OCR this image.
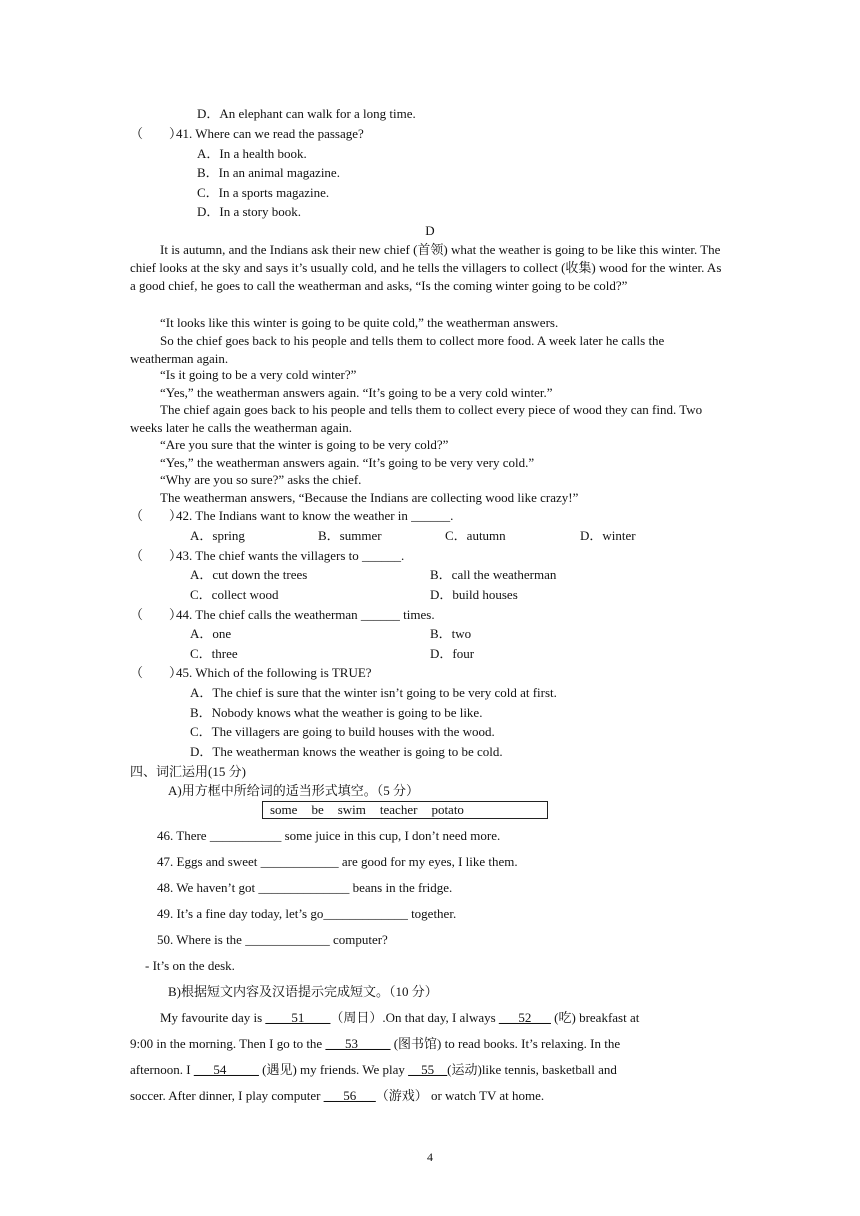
D．An elephant can walk for a long time.
（　　）41. Where can we read the passage?
A．In a health book.
B．In an animal magazine.
C．In a sports magazine.
D．In a story book.
D
It is autumn, and the Indians ask their new chief (首领) what the weather is going to be like this winter. The chief looks at the sky and says it’s usually cold, and he tells the villagers to collect (收集) wood for the winter. As a good chief, he goes to call the weatherman and asks, “Is the coming winter going to be cold?”
“It looks like this winter is going to be quite cold,” the weatherman answers.
So the chief goes back to his people and tells them to collect more food. A week later he calls the weatherman again.
“Is it going to be a very cold winter?”
“Yes,” the weatherman answers again. “It’s going to be a very cold winter.”
The chief again goes back to his people and tells them to collect every piece of wood they can find. Two weeks later he calls the weatherman again.
“Are you sure that the winter is going to be very cold?”
“Yes,” the weatherman answers again. “It’s going to be very very cold.”
“Why are you so sure?” asks the chief.
The weatherman answers, “Because the Indians are collecting wood like crazy!”
（　　）42. The Indians want to know the weather in ______.
A．spring	B．summer	C．autumn	D．winter
（　　）43. The chief wants the villagers to ______.
A．cut down the trees	B．call the weatherman
C．collect wood	D．build houses
（　　）44. The chief calls the weatherman ______ times.
A．one	B．two
C．three	D．four
（　　）45. Which of the following is TRUE?
A．The chief is sure that the winter isn’t going to be very cold at first.
B．Nobody knows what the weather is going to be like.
C．The villagers are going to build houses with the wood.
D．The weatherman knows the weather is going to be cold.
四、词汇运用(15 分)
A)用方框中所给词的适当形式填空。（5 分）
some be swim teacher potato
46. There ___________ some juice in this cup, I don’t need more.
47. Eggs and sweet ____________ are good for my eyes, I like them.
48. We haven’t got ______________ beans in the fridge.
49. It’s a fine day today, let’s go_____________ together.
50. Where is the _____________ computer?
- It’s on the desk.
B)根据短文内容及汉语提示完成短文。（10 分）
My favourite day is ____51____（周日）.On that day, I always ___52___ (吃) breakfast at
9:00 in the morning. Then I go to the ___53_____ (图书馆) to read books. It’s relaxing. In the
afternoon. I ___54_____ (遇见) my friends. We play __55__(运动)like tennis, basketball and
soccer. After dinner, I play computer ___56___（游戏） or watch TV at home.
4
